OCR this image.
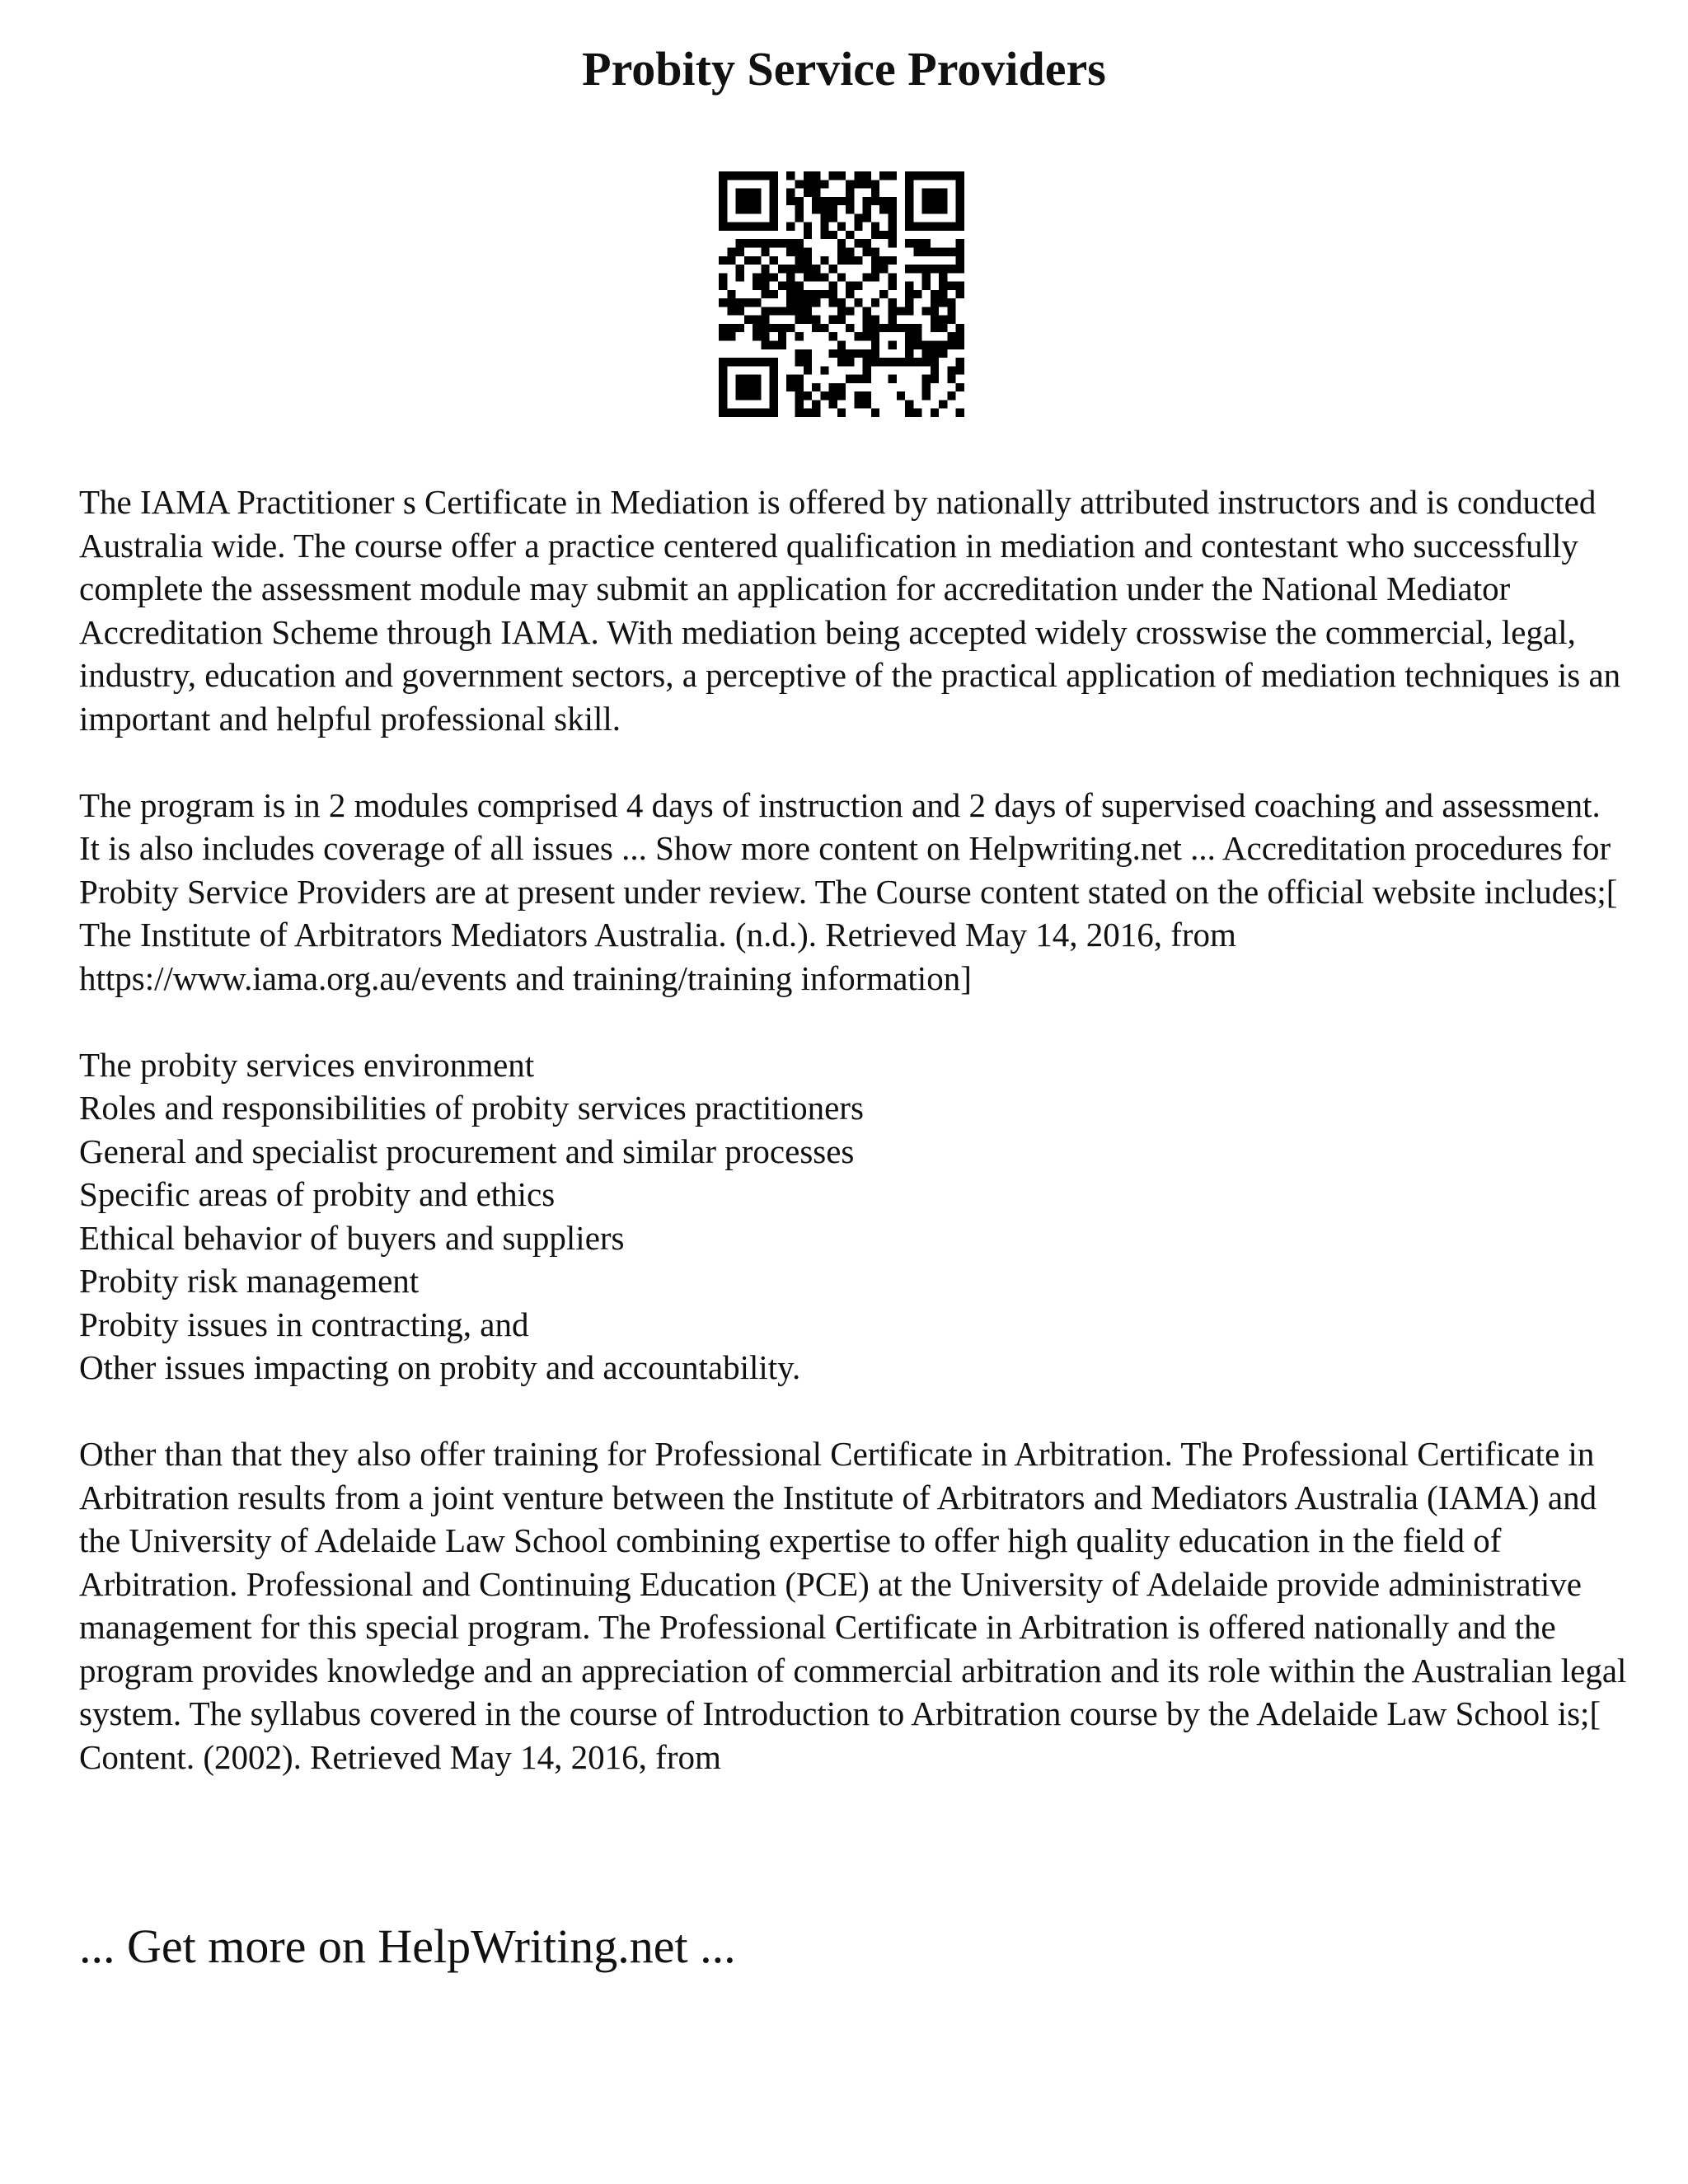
Probity Service Providers

The IAMA Practitioner s Certificate in Mediation is offered by nationally attributed instructors and is conducted Australia wide. The course offer a practice centered qualification in mediation and contestant who successfully complete the assessment module may submit an application for accreditation under the National Mediator Accreditation Scheme through IAMA. With mediation being accepted widely crosswise the commercial, legal, industry, education and government sectors, a perceptive of the practical application of mediation techniques is an important and helpful professional skill.

The program is in 2 modules comprised 4 days of instruction and 2 days of supervised coaching and assessment. It is also includes coverage of all issues ... Show more content on Helpwriting.net ... Accreditation procedures for Probity Service Providers are at present under review. The Course content stated on the official website includes;[ The Institute of Arbitrators Mediators Australia. (n.d.). Retrieved May 14, 2016, from https://www.iama.org.au/events and training/training information]

The probity services environment
Roles and responsibilities of probity services practitioners
General and specialist procurement and similar processes
Specific areas of probity and ethics
Ethical behavior of buyers and suppliers
Probity risk management
Probity issues in contracting, and
Other issues impacting on probity and accountability.

Other than that they also offer training for Professional Certificate in Arbitration. The Professional Certificate in Arbitration results from a joint venture between the Institute of Arbitrators and Mediators Australia (IAMA) and the University of Adelaide Law School combining expertise to offer high quality education in the field of Arbitration. Professional and Continuing Education (PCE) at the University of Adelaide provide administrative management for this special program. The Professional Certificate in Arbitration is offered nationally and the program provides knowledge and an appreciation of commercial arbitration and its role within the Australian legal system. The syllabus covered in the course of Introduction to Arbitration course by the Adelaide Law School is;[ Content. (2002). Retrieved May 14, 2016, from

... Get more on HelpWriting.net ...
